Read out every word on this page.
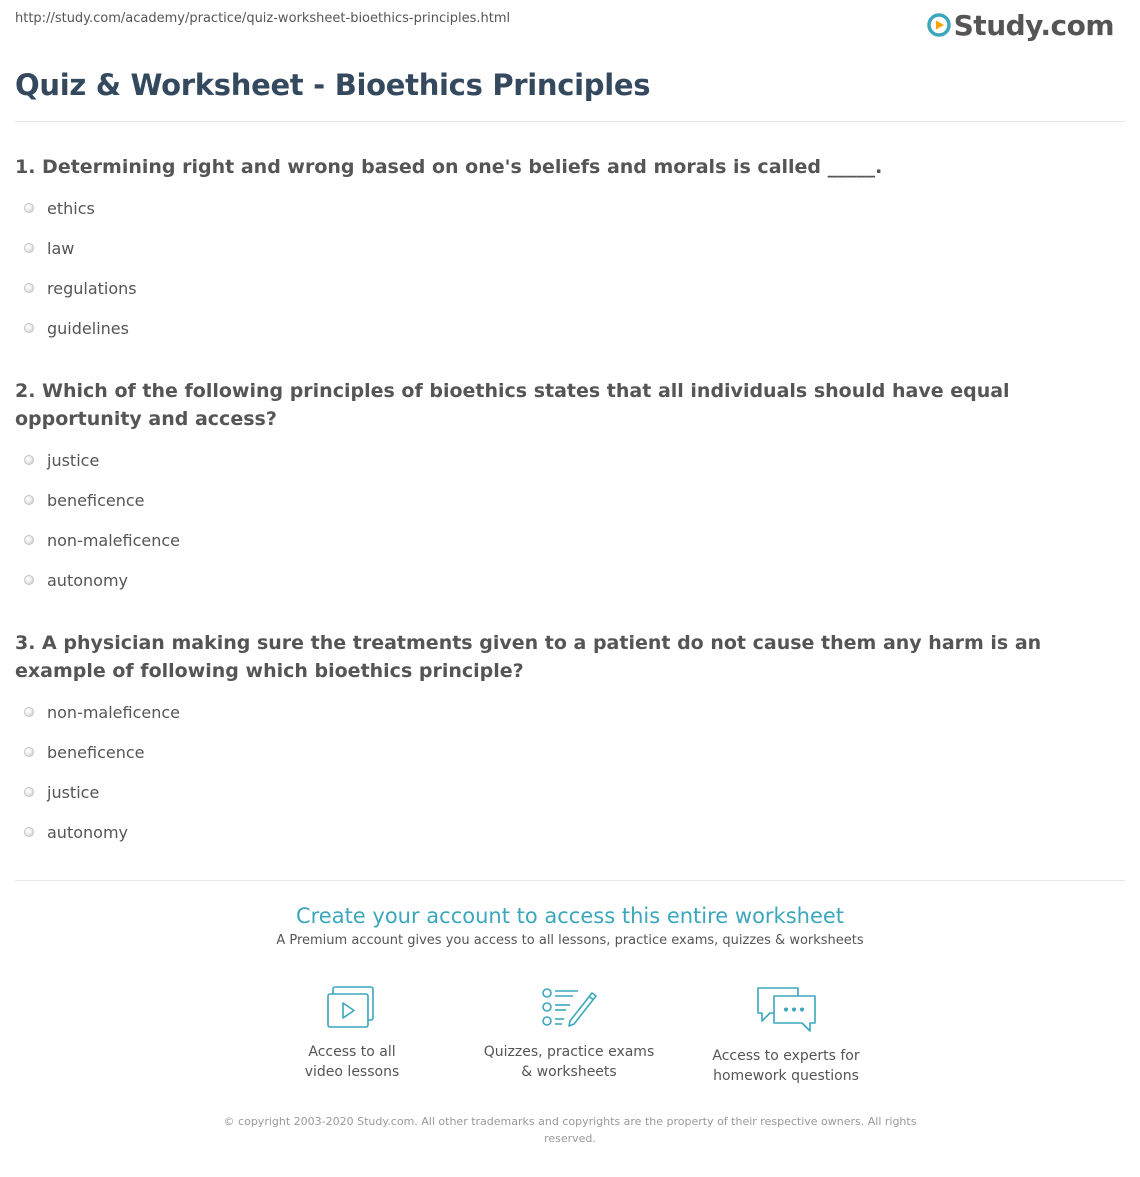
http://study.com/academy/practice/quiz-worksheet-bioethics-principles.html	Study.com
Quiz & Worksheet - Bioethics Principles

1. Determining right and wrong based on one's beliefs and morals is called _____.

ethics
law
regulations
guidelines

2. Which of the following principles of bioethics states that all individuals should have equal opportunity and access?

justice
beneficence
non-maleficence
autonomy

3. A physician making sure the treatments given to a patient do not cause them any harm is an example of following which bioethics principle?

non-maleficence
beneficence
justice
autonomy

Create your account to access this entire worksheet

A Premium account gives you access to all lessons, practice exams, quizzes & worksheets

Access to all
video lessons
Quizzes, practice exams
& worksheets
Access to experts for
homework questions
© copyright 2003-2020 Study.com. All other trademarks and copyrights are the property of their respective owners. All rights reserved.
